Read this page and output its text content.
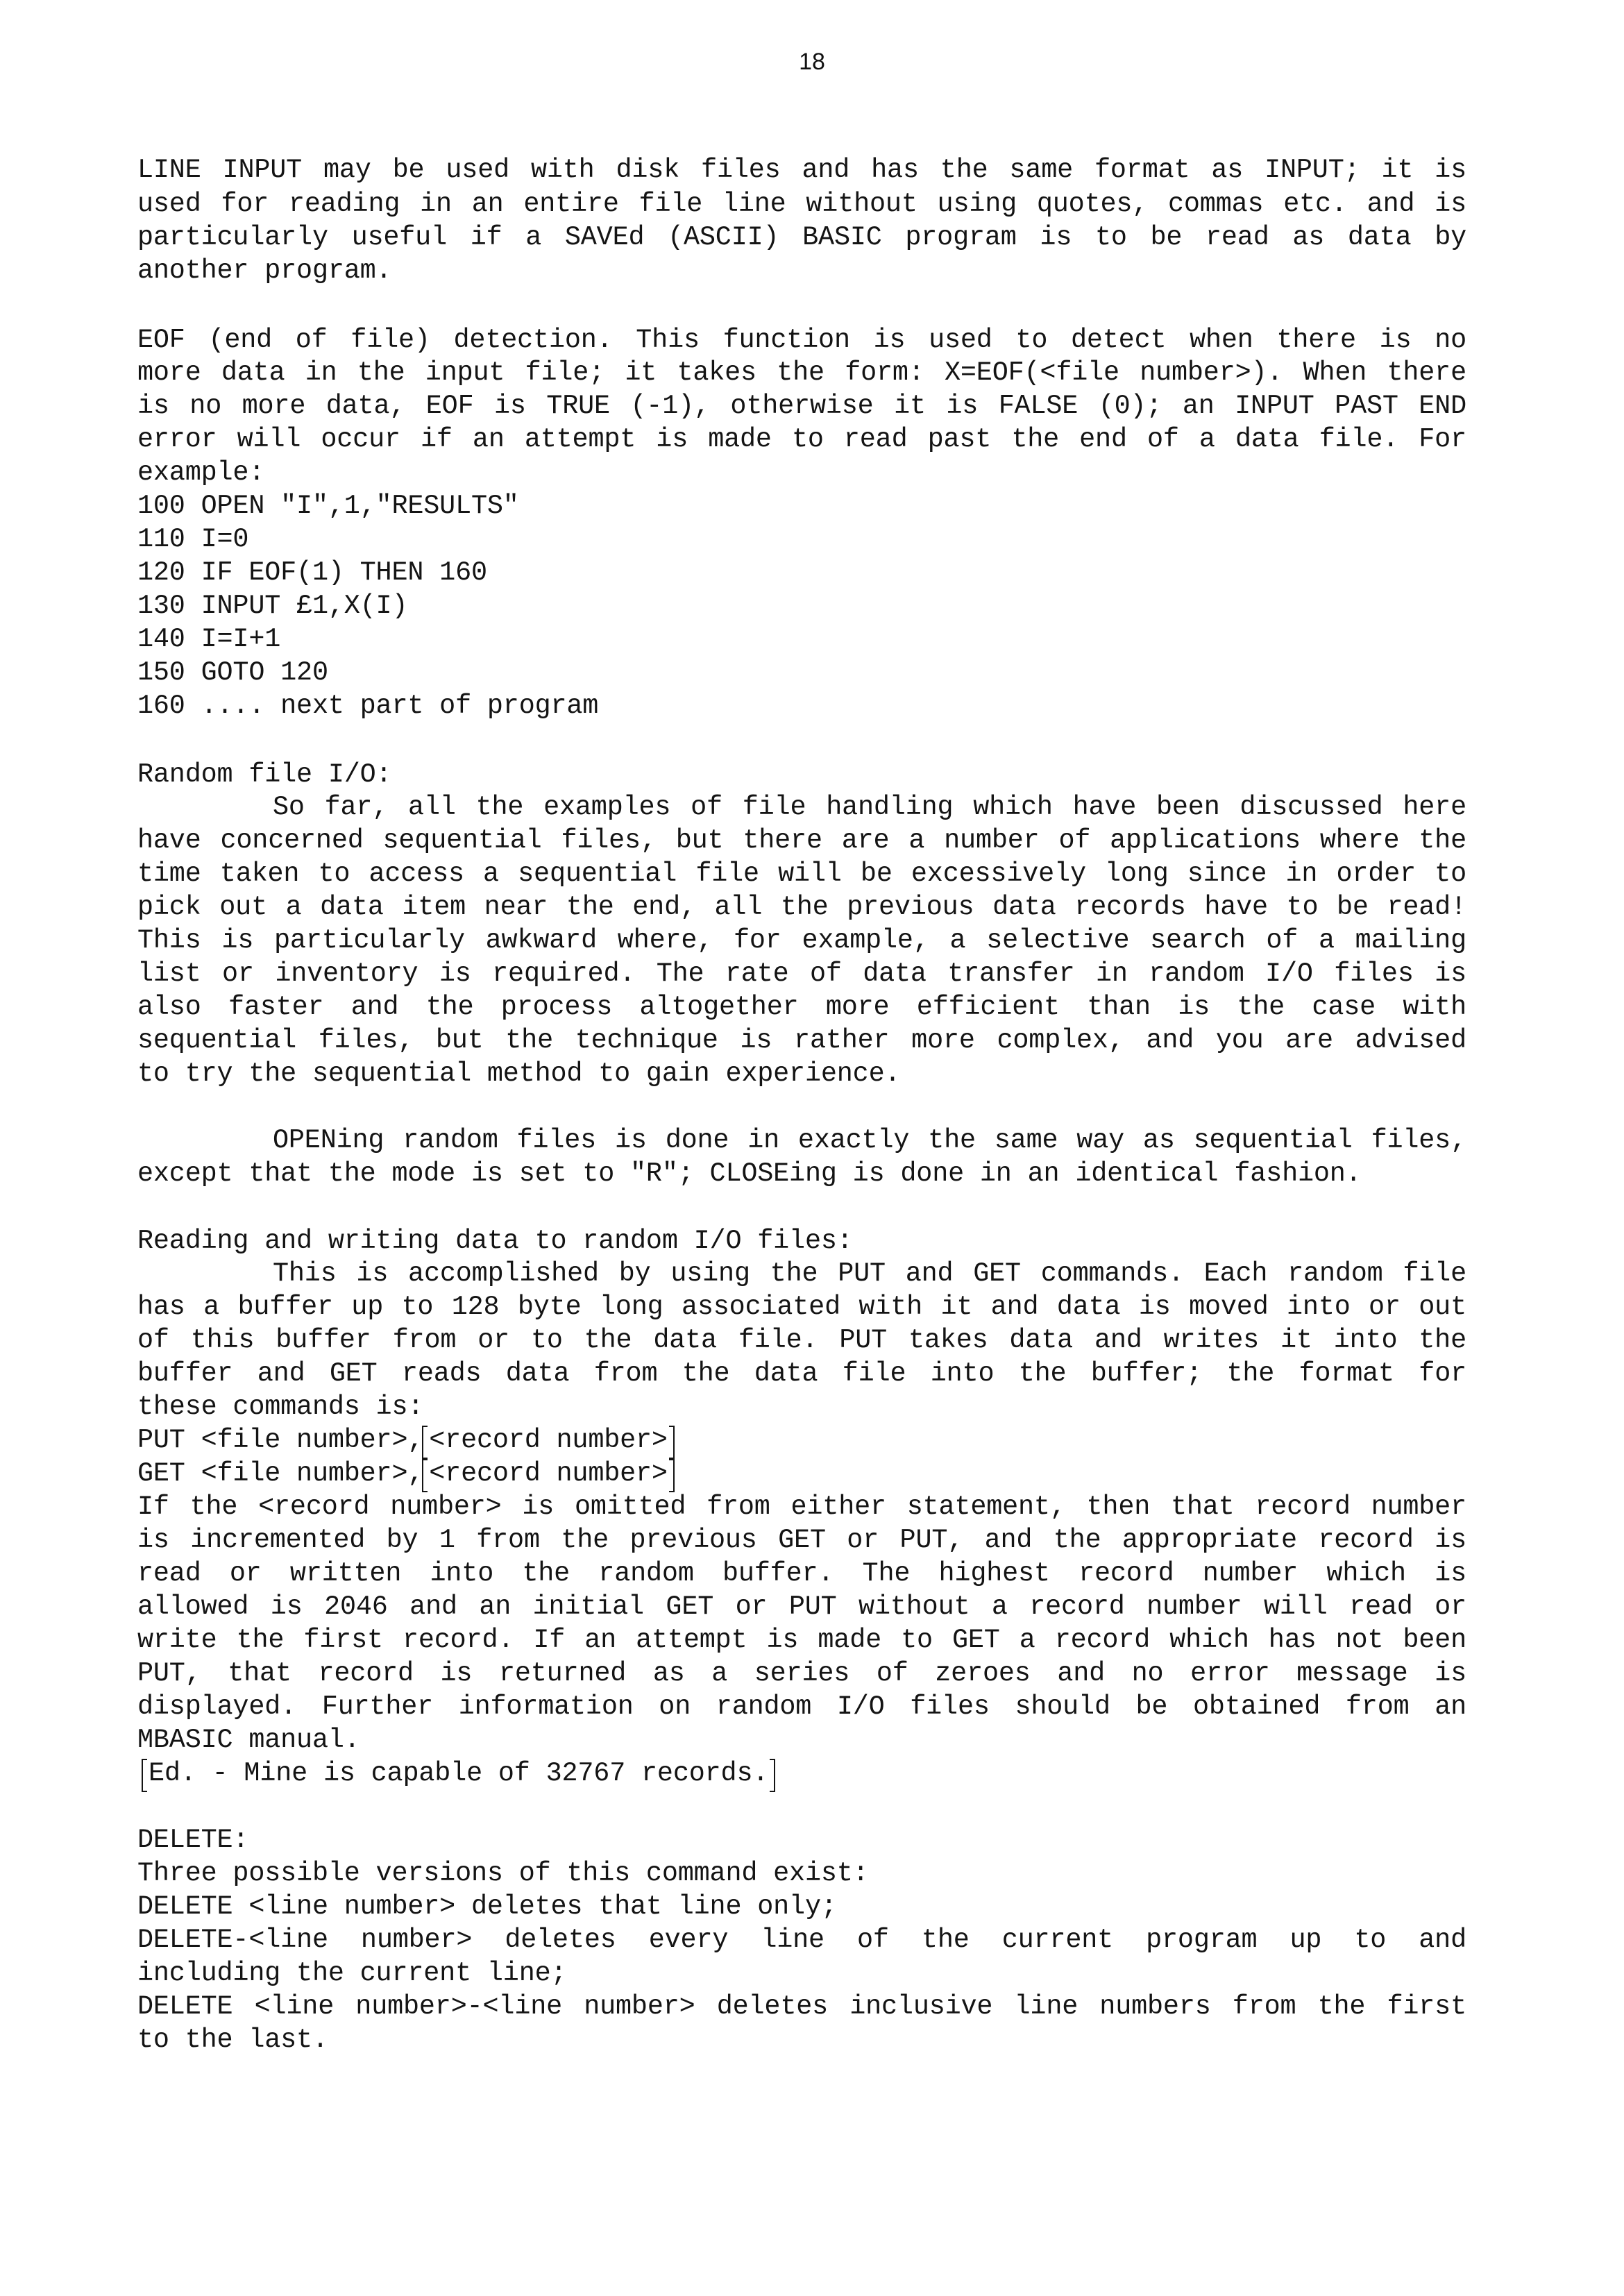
18
LINE INPUT may be used with disk files and has the same format as INPUT; it is
used for reading in an entire file line without using quotes, commas etc. and is
particularly useful if a SAVEd (ASCII) BASIC program is to be read as data by
another program.
EOF (end of file) detection. This function is used to detect when there is no
more data in the input file; it takes the form: X=EOF(<file number>). When there
is no more data, EOF is TRUE (-1), otherwise it is FALSE (0); an INPUT PAST END
error will occur if an attempt is made to read past the end of a data file. For
example:
100 OPEN "I",1,"RESULTS"
110 I=0
120 IF EOF(1) THEN 160
130 INPUT £1,X(I)
140 I=I+1
150 GOTO 120
160 .... next part of program
Random file I/O:
So far, all the examples of file handling which have been discussed here
have concerned sequential files, but there are a number of applications where the
time taken to access a sequential file will be excessively long since in order to
pick out a data item near the end, all the previous data records have to be read!
This is particularly awkward where, for example, a selective search of a mailing
list or inventory is required. The rate of data transfer in random I/O files is
also faster and the process altogether more efficient than is the case with
sequential files, but the technique is rather more complex, and you are advised
to try the sequential method to gain experience.
OPENing random files is done in exactly the same way as sequential files,
except that the mode is set to "R"; CLOSEing is done in an identical fashion.
Reading and writing data to random I/O files:
This is accomplished by using the PUT and GET commands. Each random file
has a buffer up to 128 byte long associated with it and data is moved into or out
of this buffer from or to the data file. PUT takes data and writes it into the
buffer and GET reads data from the data file into the buffer; the format for
these commands is:
PUT <file number>, <record number>
GET <file number>, <record number>
If the <record number> is omitted from either statement, then that record number
is incremented by 1 from the previous GET or PUT, and the appropriate record is
read or written into the random buffer. The highest record number which is
allowed is 2046 and an initial GET or PUT without a record number will read or
write the first record. If an attempt is made to GET a record which has not been
PUT, that record is returned as a series of zeroes and no error message is
displayed. Further information on random I/O files should be obtained from an
MBASIC manual.
Ed. - Mine is capable of 32767 records.
DELETE:
Three possible versions of this command exist:
DELETE <line number> deletes that line only;
DELETE-<line number> deletes every line of the current program up to and
including the current line;
DELETE <line number>-<line number> deletes inclusive line numbers from the first
to the last.
